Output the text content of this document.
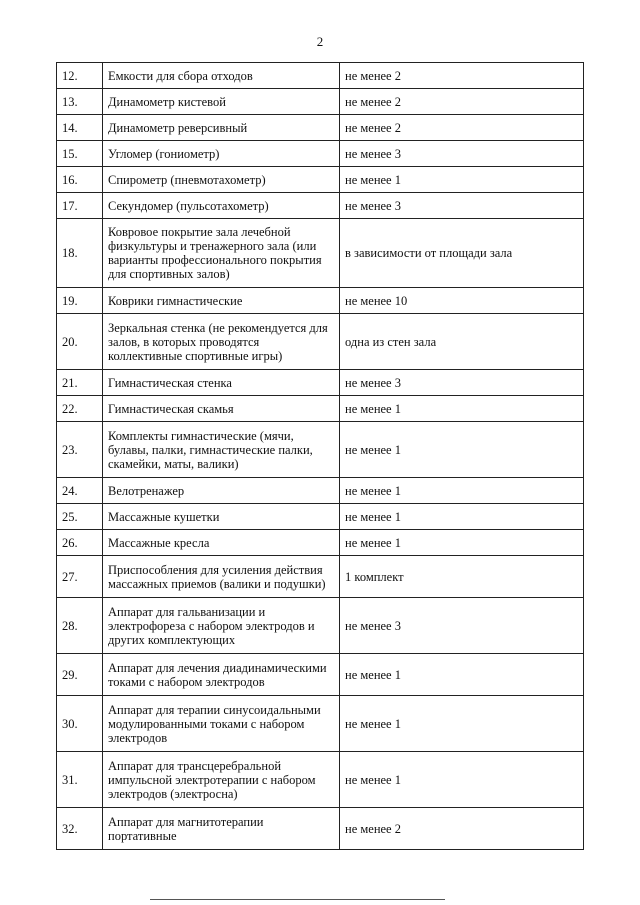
2
12.	Емкости для сбора отходов	не менее 2
13.	Динамометр кистевой	не менее 2
14.	Динамометр реверсивный	не менее 2
15.	Угломер (гониометр)	не менее 3
16.	Спирометр (пневмотахометр)	не менее 1
17.	Секундомер (пульсотахометр)	не менее 3
18.	Ковровое покрытие зала лечебной физкультуры и тренажерного зала (или варианты профессионального покрытия для спортивных залов)	в зависимости от площади зала
19.	Коврики гимнастические	не менее 10
20.	Зеркальная стенка (не рекомендуется для залов, в которых проводятся коллективные спортивные игры)	одна из стен зала
21.	Гимнастическая стенка	не менее 3
22.	Гимнастическая скамья	не менее 1
23.	Комплекты гимнастические (мячи, булавы, палки, гимнастические палки, скамейки, маты, валики)	не менее 1
24.	Велотренажер	не менее 1
25.	Массажные кушетки	не менее 1
26.	Массажные кресла	не менее 1
27.	Приспособления для усиления действия массажных приемов (валики и подушки)	1 комплект
28.	Аппарат для гальванизации и электрофореза с набором электродов и других комплектующих	не менее 3
29.	Аппарат для лечения диадинамическими токами с набором электродов	не менее 1
30.	Аппарат для терапии синусоидальными модулированными токами с набором электродов	не менее 1
31.	Аппарат для трансцеребральной импульсной электротерапии с набором электродов (электросна)	не менее 1
32.	Аппарат для магнитотерапии портативные	не менее 2
